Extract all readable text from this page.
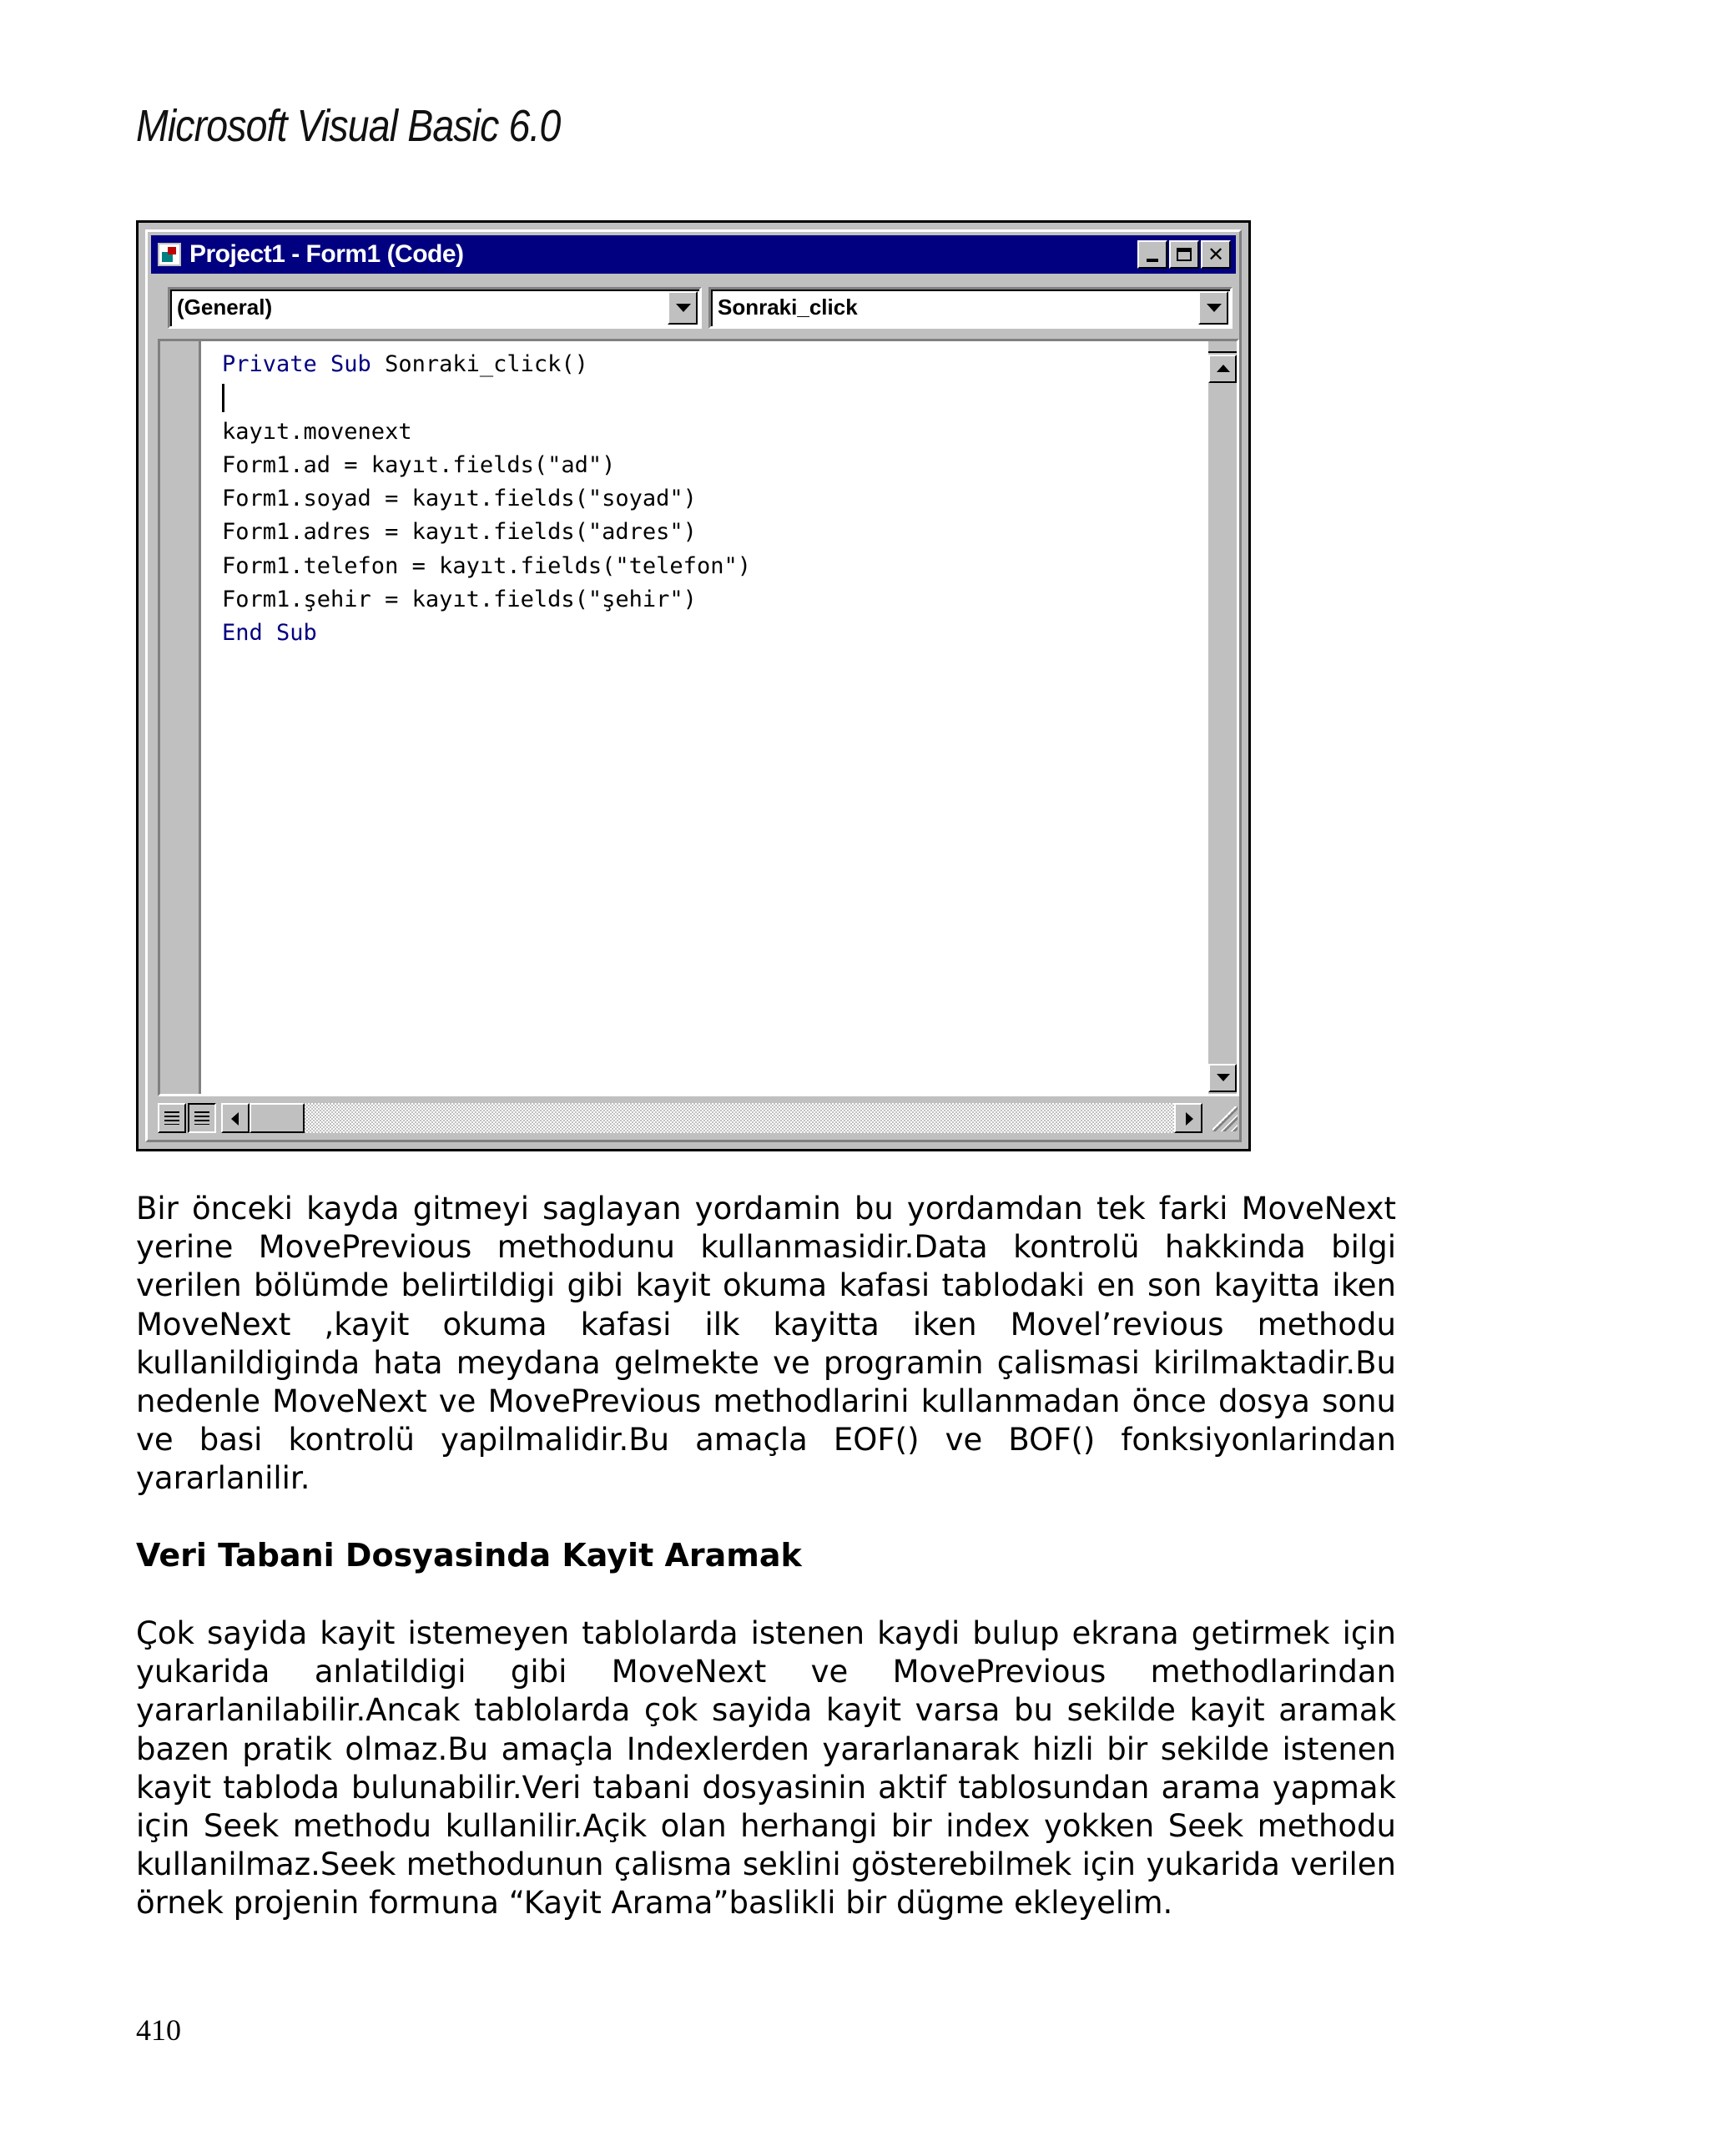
Microsoft Visual Basic 6.0
Project1 - Form1 (Code)	✕
(General)	Sonraki_click
Private Sub Sonraki_click()
kayıt.movenext
Form1.ad = kayıt.fields("ad")
Form1.soyad = kayıt.fields("soyad")
Form1.adres = kayıt.fields("adres")
Form1.telefon = kayıt.fields("telefon")
Form1.şehir = kayıt.fields("şehir")
End Sub
Bir önceki kayda gitmeyi saglayan yordamin bu yordamdan tek farki MoveNext yerine MovePrevious methodunu kullanmasidir.Data kontrolü hakkinda bilgi verilen bölümde belirtildigi gibi kayit okuma kafasi tablodaki en son kayitta iken MoveNext ,kayit okuma kafasi ilk kayitta iken Movel’revious methodu kullanildiginda hata meydana gelmekte ve programin çalismasi kirilmaktadir.Bu nedenle MoveNext ve MovePrevious methodlarini kullanmadan önce dosya sonu ve basi kontrolü yapilmalidir.Bu amaçla EOF() ve BOF() fonksiyonlarindan yararlanilir.
Veri Tabani Dosyasinda Kayit Aramak
Çok sayida kayit istemeyen tablolarda istenen kaydi bulup ekrana getirmek için yukarida anlatildigi gibi MoveNext ve MovePrevious methodlarindan yararlanilabilir.Ancak tablolarda çok sayida kayit varsa bu sekilde kayit aramak bazen pratik olmaz.Bu amaçla Indexlerden yararlanarak hizli bir sekilde istenen kayit tabloda bulunabilir.Veri tabani dosyasinin aktif tablosundan arama yapmak için Seek methodu kullanilir.Açik olan herhangi bir index yokken Seek methodu kullanilmaz.Seek methodunun çalisma seklini gösterebilmek için yukarida verilen örnek projenin formuna “Kayit Arama”baslikli bir dügme ekleyelim.
410
